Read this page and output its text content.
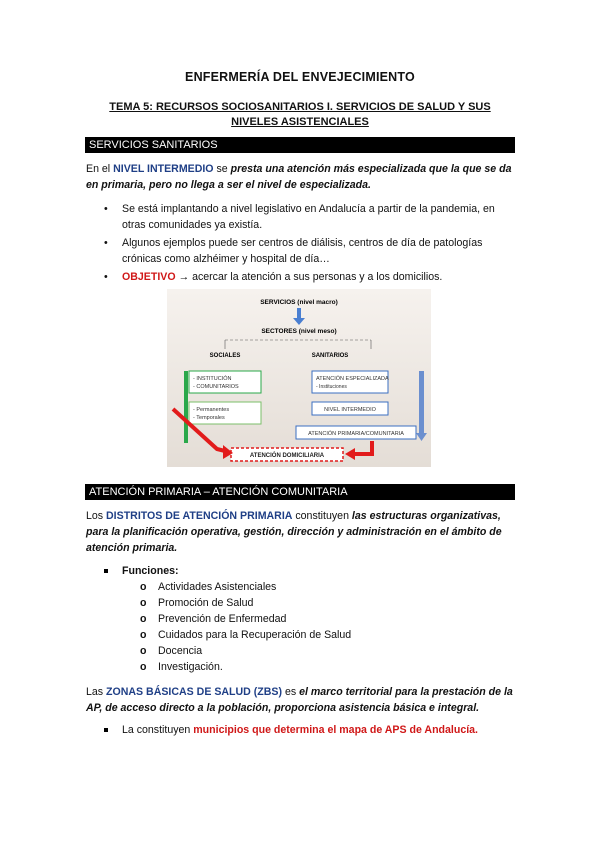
ENFERMERÍA DEL ENVEJECIMIENTO
TEMA 5: RECURSOS SOCIOSANITARIOS I. SERVICIOS DE SALUD Y SUS NIVELES ASISTENCIALES
SERVICIOS SANITARIOS
En el NIVEL INTERMEDIO se presta una atención más especializada que la que se da en primaria, pero no llega a ser el nivel de especializada.
• Se está implantando a nivel legislativo en Andalucía a partir de la pandemia, en otras comunidades ya existía.
• Algunos ejemplos puede ser centros de diálisis, centros de día de patologías crónicas como alzhéimer y hospital de día…
• OBJETIVO → acercar la atención a sus personas y a los domicilios.
SERVICIOS (nivel macro)
SECTORES (nivel meso)
SOCIALES	SANITARIOS
- INSTITUCIÓN
- COMUNITARIOS
- Permanentes
- Temporales
ATENCIÓN ESPECIALIZADA
- Instituciones
NIVEL INTERMEDIO
ATENCIÓN PRIMARIA/COMUNITARIA
ATENCIÓN DOMICILIARIA
ATENCIÓN PRIMARIA – ATENCIÓN COMUNITARIA
Los DISTRITOS DE ATENCIÓN PRIMARIA constituyen las estructuras organizativas, para la planificación operativa, gestión, dirección y administración en el ámbito de atención primaria.
Funciones:
o Actividades Asistenciales
o Promoción de Salud
o Prevención de Enfermedad
o Cuidados para la Recuperación de Salud
o Docencia
o Investigación.
Las ZONAS BÁSICAS DE SALUD (ZBS) es el marco territorial para la prestación de la AP, de acceso directo a la población, proporciona asistencia básica e integral.
La constituyen municipios que determina el mapa de APS de Andalucía.
